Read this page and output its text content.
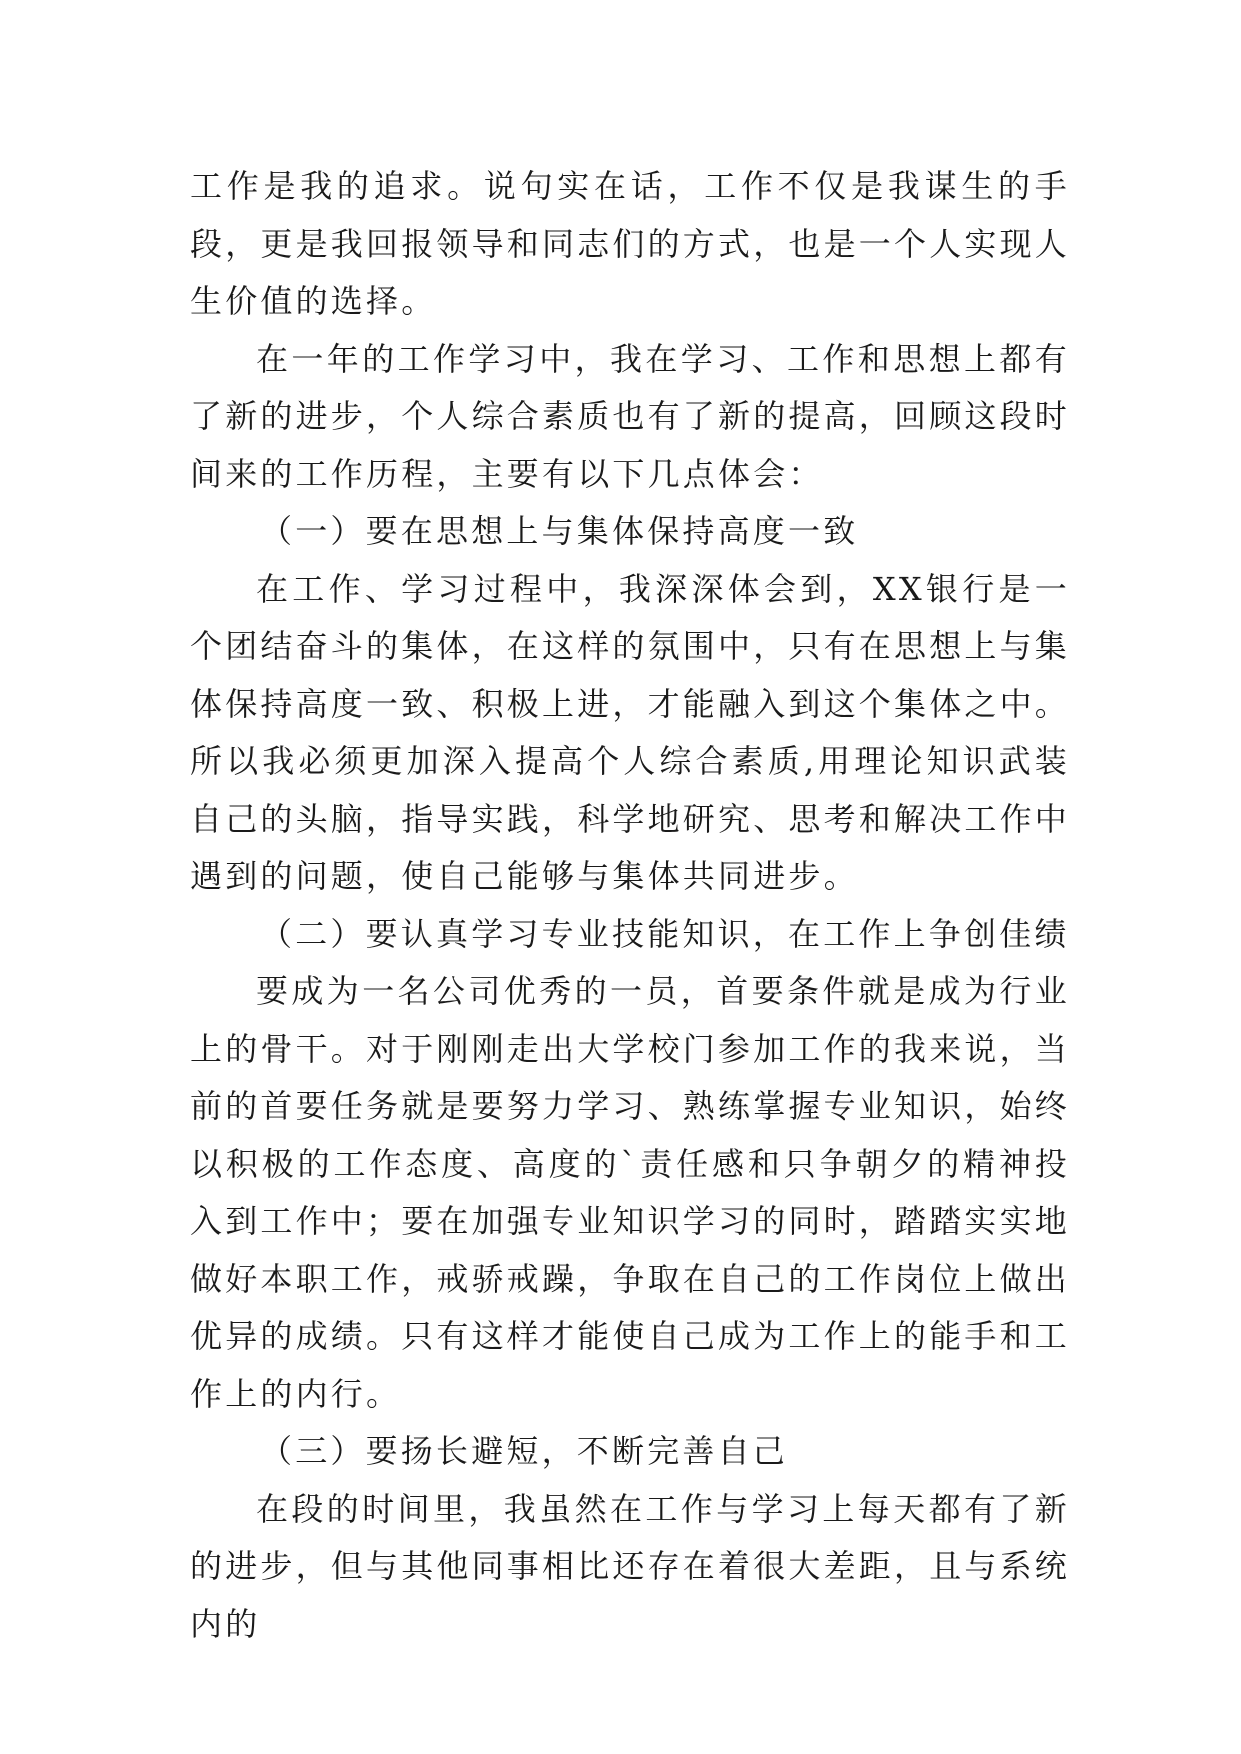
工作是我的追求。说句实在话，工作不仅是我谋生的手段，更是我回报领导和同志们的方式，也是一个人实现人生价值的选择。

在一年的工作学习中，我在学习、工作和思想上都有了新的进步，个人综合素质也有了新的提高，回顾这段时间来的工作历程，主要有以下几点体会：

（一）要在思想上与集体保持高度一致

在工作、学习过程中，我深深体会到，XX银行是一个团结奋斗的集体，在这样的氛围中，只有在思想上与集体保持高度一致、积极上进，才能融入到这个集体之中。所以我必须更加深入提高个人综合素质,用理论知识武装自己的头脑，指导实践，科学地研究、思考和解决工作中遇到的问题，使自己能够与集体共同进步。

（二）要认真学习专业技能知识，在工作上争创佳绩

要成为一名公司优秀的一员，首要条件就是成为行业上的骨干。对于刚刚走出大学校门参加工作的我来说，当前的首要任务就是要努力学习、熟练掌握专业知识，始终以积极的工作态度、高度的`责任感和只争朝夕的精神投入到工作中；要在加强专业知识学习的同时，踏踏实实地做好本职工作，戒骄戒躁，争取在自己的工作岗位上做出优异的成绩。只有这样才能使自己成为工作上的能手和工作上的内行。

（三）要扬长避短，不断完善自己

在段的时间里，我虽然在工作与学习上每天都有了新的进步，但与其他同事相比还存在着很大差距，且与系统内的
